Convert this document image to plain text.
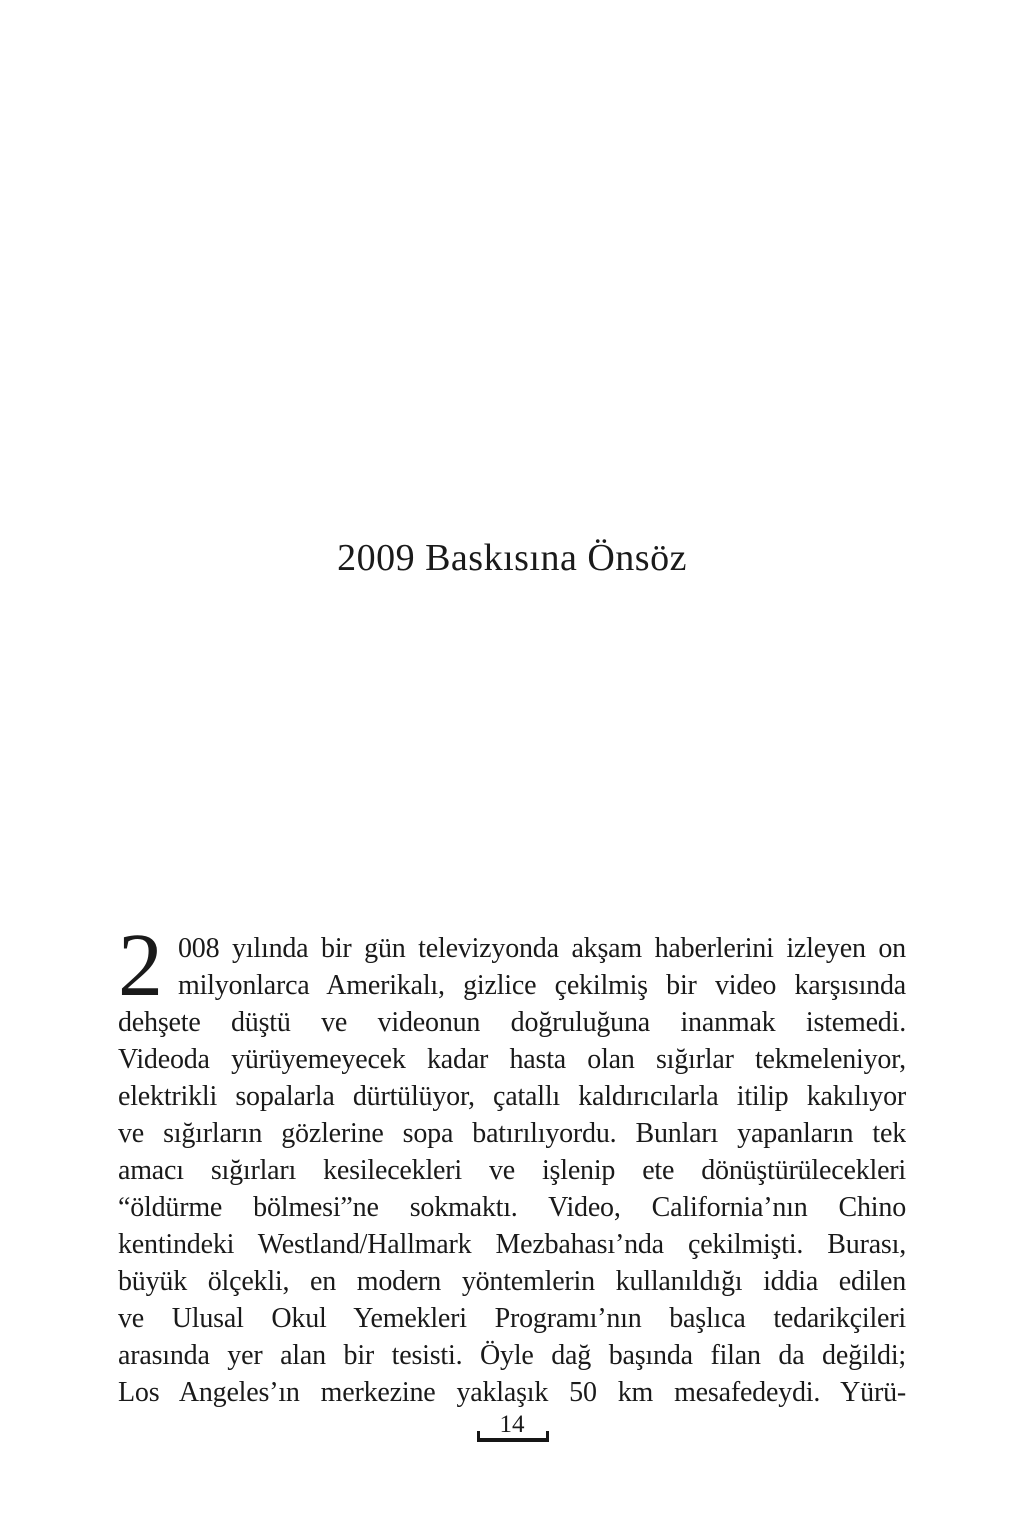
2009 Baskısına Önsöz
2 008 yılında bir gün televizyonda akşam haberlerini izleyen on
milyonlarca Amerikalı, gizlice çekilmiş bir video karşısında
dehşete düştü ve videonun doğruluğuna inanmak istemedi.
Videoda yürüyemeyecek kadar hasta olan sığırlar tekmeleniyor,
elektrikli sopalarla dürtülüyor, çatallı kaldırıcılarla itilip kakılıyor
ve sığırların gözlerine sopa batırılıyordu. Bunları yapanların tek
amacı sığırları kesilecekleri ve işlenip ete dönüştürülecekleri
“öldürme bölmesi”ne sokmaktı. Video, California’nın Chino
kentindeki Westland/Hallmark Mezbahası’nda çekilmişti. Burası,
büyük ölçekli, en modern yöntemlerin kullanıldığı iddia edilen
ve Ulusal Okul Yemekleri Programı’nın başlıca tedarikçileri
arasında yer alan bir tesisti. Öyle dağ başında filan da değildi;
Los Angeles’ın merkezine yaklaşık 50 km mesafedeydi. Yürü-
14
